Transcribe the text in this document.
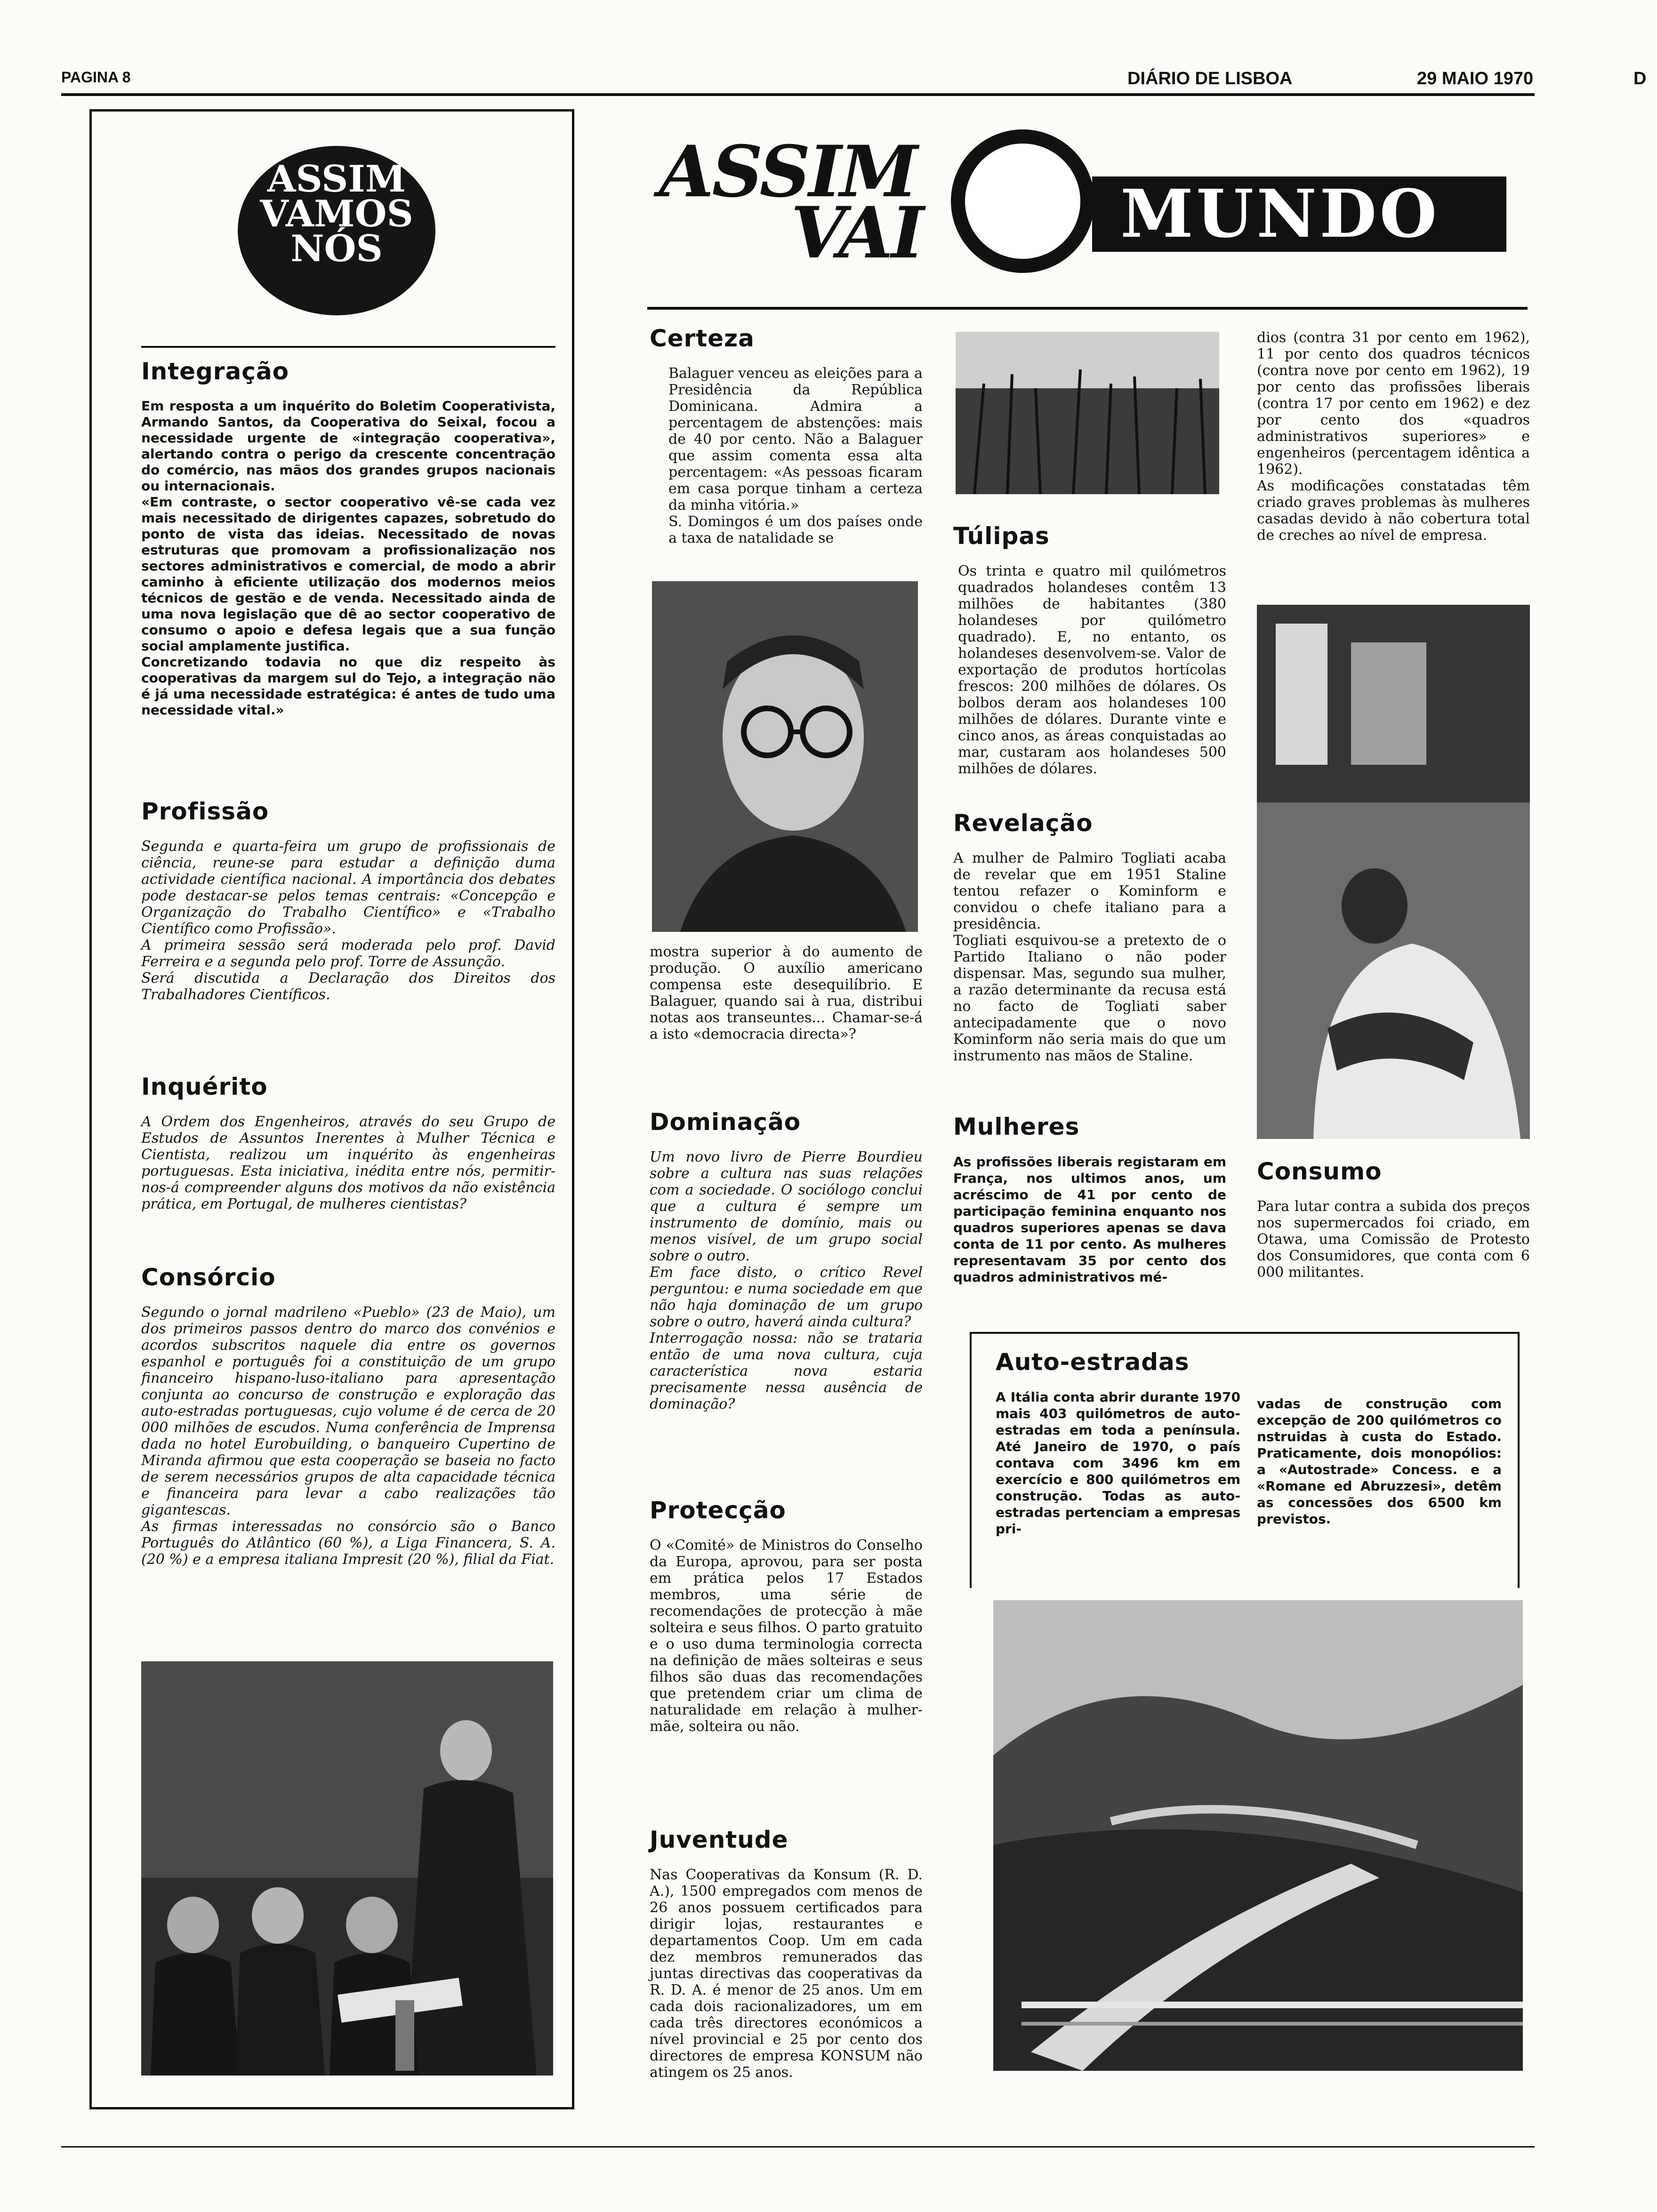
PAGINA 8	DIÁRIO DE LISBOA	29 MAIO 1970	D
ASSIM
VAMOS
NÓS
Integração

Em resposta a um inquérito do Boletim Cooperativista, Armando Santos, da Cooperativa do Seixal, focou a necessidade urgente de «integração cooperativa», alertando contra o perigo da crescente concentração do comércio, nas mãos dos grandes grupos nacionais ou internacionais.
«Em contraste, o sector cooperativo vê-se cada vez mais necessitado de dirigentes capazes, sobretudo do ponto de vista das ideias. Necessitado de novas estruturas que promovam a profissionalização nos sectores administrativos e comercial, de modo a abrir caminho à eficiente utilização dos modernos meios técnicos de gestão e de venda. Necessitado ainda de uma nova legislação que dê ao sector cooperativo de consumo o apoio e defesa legais que a sua função social amplamente justifica.
Concretizando todavia no que diz respeito às cooperativas da margem sul do Tejo, a integração não é já uma necessidade estratégica: é antes de tudo uma necessidade vital.»

Profissão

Segunda e quarta-feira um grupo de profissionais de ciência, reune-se para estudar a definição duma actividade científica nacional. A importância dos debates pode destacar-se pelos temas centrais: «Concepção e Organização do Trabalho Científico» e «Trabalho Científico como Profissão».
A primeira sessão será moderada pelo prof. David Ferreira e a segunda pelo prof. Torre de Assunção.
Será discutida a Declaração dos Direitos dos Trabalhadores Científicos.

Inquérito

A Ordem dos Engenheiros, através do seu Grupo de Estudos de Assuntos Inerentes à Mulher Técnica e Cientista, realizou um inquérito às engenheiras portuguesas. Esta iniciativa, inédita entre nós, permitir-nos-á compreender alguns dos motivos da não existência prática, em Portugal, de mulheres cientistas?

Consórcio

Segundo o jornal madrileno «Pueblo» (23 de Maio), um dos primeiros passos dentro do marco dos convénios e acordos subscritos naquele dia entre os governos espanhol e português foi a constituição de um grupo financeiro hispano-luso-italiano para apresentação conjunta ao concurso de construção e exploração das auto-estradas portuguesas, cujo volume é de cerca de 20 000 milhões de escudos. Numa conferência de Imprensa dada no hotel Eurobuilding, o banqueiro Cupertino de Miranda afirmou que esta cooperação se baseia no facto de serem necessários grupos de alta capacidade técnica e financeira para levar a cabo realizações tão gigantescas.
As firmas interessadas no consórcio são o Banco Português do Atlântico (60 %), a Liga Financera, S. A. (20 %) e a empresa italiana Impresit (20 %), filial da Fiat.

ASSIM
VAI	MUNDO
Certeza

Balaguer venceu as eleições para a Presidência da República Dominicana. Admira a percentagem de abstenções: mais de 40 por cento. Não a Balaguer que assim comenta essa alta percentagem: «As pessoas ficaram em casa porque tinham a certeza da minha vitória.»
S. Domingos é um dos países onde a taxa de natalidade se

mostra superior à do aumento de produção. O auxílio americano compensa este desequilíbrio. E Balaguer, quando sai à rua, distribui notas aos transeuntes... Chamar-se-á a isto «democracia directa»?

Dominação

Um novo livro de Pierre Bourdieu sobre a cultura nas suas relações com a sociedade. O sociólogo conclui que a cultura é sempre um instrumento de domínio, mais ou menos visível, de um grupo social sobre o outro.
Em face disto, o crítico Revel perguntou: e numa sociedade em que não haja dominação de um grupo sobre o outro, haverá ainda cultura?
Interrogação nossa: não se trataria então de uma nova cultura, cuja característica nova estaria precisamente nessa ausência de dominação?

Protecção

O «Comité» de Ministros do Conselho da Europa, aprovou, para ser posta em prática pelos 17 Estados membros, uma série de recomendações de protecção à mãe solteira e seus filhos. O parto gratuito e o uso duma terminologia correcta na definição de mães solteiras e seus filhos são duas das recomendações que pretendem criar um clima de naturalidade em relação à mulher-mãe, solteira ou não.

Juventude

Nas Cooperativas da Konsum (R. D. A.), 1500 empregados com menos de 26 anos possuem certificados para dirigir lojas, restaurantes e departamentos Coop. Um em cada dez membros remunerados das juntas directivas das cooperativas da R. D. A. é menor de 25 anos. Um em cada dois racionalizadores, um em cada três directores económicos a nível provincial e 25 por cento dos directores de empresa KONSUM não atingem os 25 anos.

Túlipas

Os trinta e quatro mil quilómetros quadrados holandeses contêm 13 milhões de habitantes (380 holandeses por quilómetro quadrado). E, no entanto, os holandeses desenvolvem-se. Valor de exportação de produtos hortícolas frescos: 200 milhões de dólares. Os bolbos deram aos holandeses 100 milhões de dólares. Durante vinte e cinco anos, as áreas conquistadas ao mar, custaram aos holandeses 500 milhões de dólares.

Revelação

A mulher de Palmiro Togliati acaba de revelar que em 1951 Staline tentou refazer o Kominform e convidou o chefe italiano para a presidência.
Togliati esquivou-se a pretexto de o Partido Italiano o não poder dispensar. Mas, segundo sua mulher, a razão determinante da recusa está no facto de Togliati saber antecipadamente que o novo Kominform não seria mais do que um instrumento nas mãos de Staline.

Mulheres

As profissões liberais registaram em França, nos ultimos anos, um acréscimo de 41 por cento de participação feminina enquanto nos quadros superiores apenas se dava conta de 11 por cento. As mulheres representavam 35 por cento dos quadros administrativos mé-

dios (contra 31 por cento em 1962), 11 por cento dos quadros técnicos (contra nove por cento em 1962), 19 por cento das profissões liberais (contra 17 por cento em 1962) e dez por cento dos «quadros administrativos superiores» e engenheiros (percentagem idêntica a 1962).
As modificações constatadas têm criado graves problemas às mulheres casadas devido à não cobertura total de creches ao nível de empresa.

Consumo

Para lutar contra a subida dos preços nos supermercados foi criado, em Otawa, uma Comissão de Protesto dos Consumidores, que conta com 6 000 militantes.

Auto-estradas

A Itália conta abrir durante 1970 mais 403 quilómetros de auto-estradas em toda a península. Até Janeiro de 1970, o país contava com 3496 km em exercício e 800 quilómetros em construção. Todas as auto-estradas pertenciam a empresas pri-

vadas de construção com excepção de 200 quilómetros co nstruidas à custa do Estado. Praticamente, dois monopólios: a «Autostrade» Concess. e a «Romane ed Abruzzesi», detêm as concessões dos 6500 km previstos.
